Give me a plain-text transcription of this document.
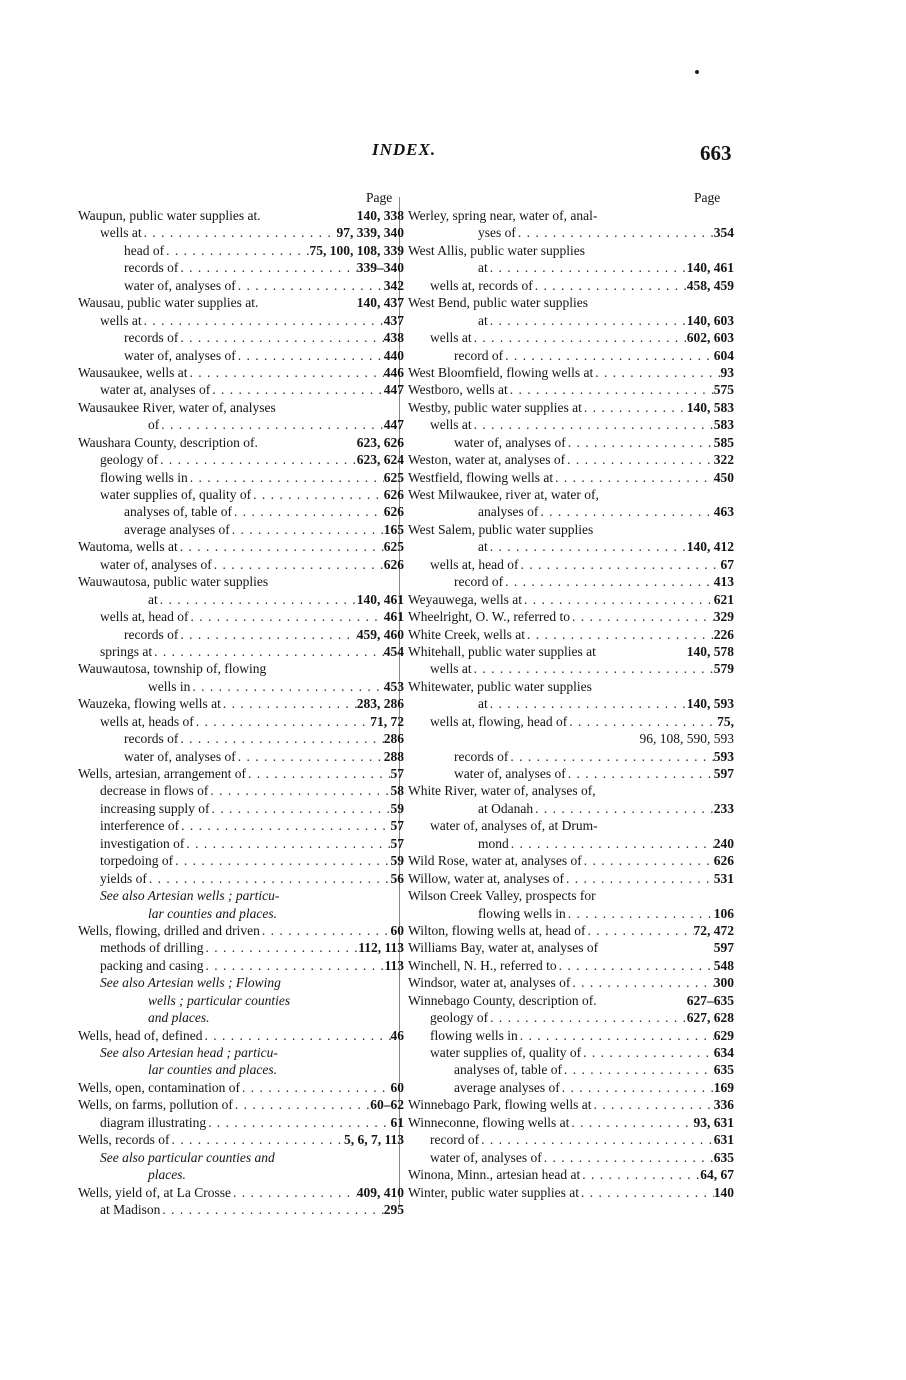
INDEX.	663
Page	Page
Waupun, public water supplies at.	140, 338
wells at . . .	97, 339, 340
head of . . .	75, 100, 108, 339
records of . . .	339–340
water of, analyses of . . .	342
Wausau, public water supplies at.	140, 437
wells at . . .	437
records of . . .	438
water of, analyses of . . .	440
Wausaukee, wells at . . .	446
water at, analyses of . . .	447
Wausaukee River, water of, analyses
of . . .	447
Waushara County, description of.	623, 626
geology of . . .	623, 624
flowing wells in . . .	625
water supplies of, quality of . . .	626
analyses of, table of . . .	626
average analyses of . . .	165
Wautoma, wells at . . .	625
water of, analyses of . . .	626
Wauwautosa, public water supplies
at . . .	140, 461
wells at, head of . . .	461
records of . . .	459, 460
springs at . . .	454
Wauwautosa, township of, flowing
wells in . . .	453
Wauzeka, flowing wells at . . .	283, 286
wells at, heads of . . .	71, 72
records of . . .	286
water of, analyses of . . .	288
Wells, artesian, arrangement of . . .	57
decrease in flows of . . .	58
increasing supply of . . .	59
interference of . . .	57
investigation of . . .	57
torpedoing of . . .	59
yields of . . .	56
See also Artesian wells ; particu-
lar counties and places.
Wells, flowing, drilled and driven . . .	60
methods of drilling . . .	112, 113
packing and casing . . .	113
See also Artesian wells ; Flowing
wells ; particular counties
and places.
Wells, head of, defined . . .	46
See also Artesian head ; particu-
lar counties and places.
Wells, open, contamination of . . .	60
Wells, on farms, pollution of . . .	60–62
diagram illustrating . . .	61
Wells, records of . . .	5, 6, 7, 113
See also particular counties and
places.
Wells, yield of, at La Crosse . . .	409, 410
at Madison . . .	295
Werley, spring near, water of, anal-
yses of . . .	354
West Allis, public water supplies
at . . .	140, 461
wells at, records of . . .	458, 459
West Bend, public water supplies
at . . .	140, 603
wells at . . .	602, 603
record of . . .	604
West Bloomfield, flowing wells at . . .	93
Westboro, wells at . . .	575
Westby, public water supplies at . . .	140, 583
wells at . . .	583
water of, analyses of . . .	585
Weston, water at, analyses of . . .	322
Westfield, flowing wells at . . .	450
West Milwaukee, river at, water of,
analyses of . . .	463
West Salem, public water supplies
at . . .	140, 412
wells at, head of . . .	67
record of . . .	413
Weyauwega, wells at . . .	621
Wheelright, O. W., referred to . . .	329
White Creek, wells at . . .	226
Whitehall, public water supplies at	140, 578
wells at . . .	579
Whitewater, public water supplies
at . . .	140, 593
wells at, flowing, head of . . .	75,
96, 108, 590, 593
records of . . .	593
water of, analyses of . . .	597
White River, water of, analyses of,
at Odanah . . .	233
water of, analyses of, at Drum-
mond . . .	240
Wild Rose, water at, analyses of . . .	626
Willow, water at, analyses of . . .	531
Wilson Creek Valley, prospects for
flowing wells in . . .	106
Wilton, flowing wells at, head of . . .	72, 472
Williams Bay, water at, analyses of	597
Winchell, N. H., referred to . . .	548
Windsor, water at, analyses of . . .	300
Winnebago County, description of.	627–635
geology of . . .	627, 628
flowing wells in . . .	629
water supplies of, quality of . . .	634
analyses of, table of . . .	635
average analyses of . . .	169
Winnebago Park, flowing wells at . . .	336
Winneconne, flowing wells at . . .	93, 631
record of . . .	631
water of, analyses of . . .	635
Winona, Minn., artesian head at . . .	64, 67
Winter, public water supplies at . . .	140
